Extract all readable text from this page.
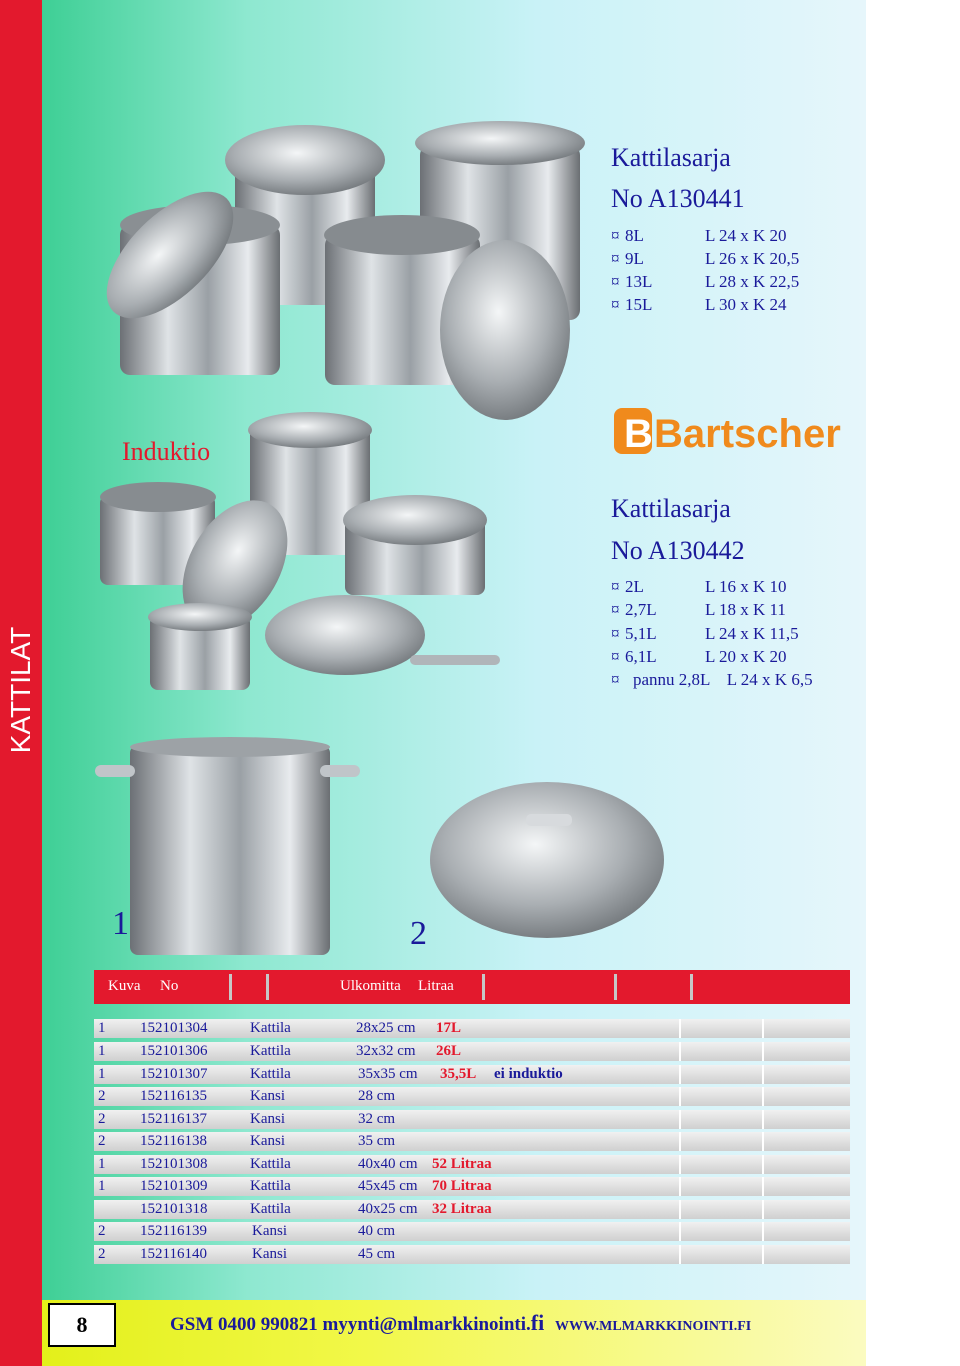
KATTILAT
Induktio
Kattilasarja
No A130441
¤ 8L	L 24 x K 20
¤ 9L	L 26 x K 20,5
¤ 13L	L 28 x K 22,5
¤ 15L	L 30 x K 24
B Bartscher
Kattilasarja
No A130442
¤ 2L	L 16 x K 10
¤ 2,7L	L 18 x K 11
¤ 5,1L	L 24 x K 11,5
¤ 6,1L	L 20 x K 20
¤ pannu 2,8L    L 24 x K 6,5
1	2
Kuva No	Ulkomitta Litraa
1 152101304	Kattila	28x25 cm 17L
1 152101306	Kattila	32x32 cm 26L
1 152101307	Kattila	35x35 cm 35,5L ei induktio
2 152116135	Kansi	28 cm
2 152116137	Kansi	32 cm
2 152116138	Kansi	35 cm
1 152101308	Kattila	40x40 cm 52 Litraa
1 152101309	Kattila	45x45 cm 70 Litraa
152101318	Kattila	40x25 cm 32 Litraa
2 152116139	Kansi	40 cm
2 152116140	Kansi	45 cm
8	GSM 0400 990821 myynti@mlmarkkinointi.fi WWW.MLMARKKINOINTI.FI
